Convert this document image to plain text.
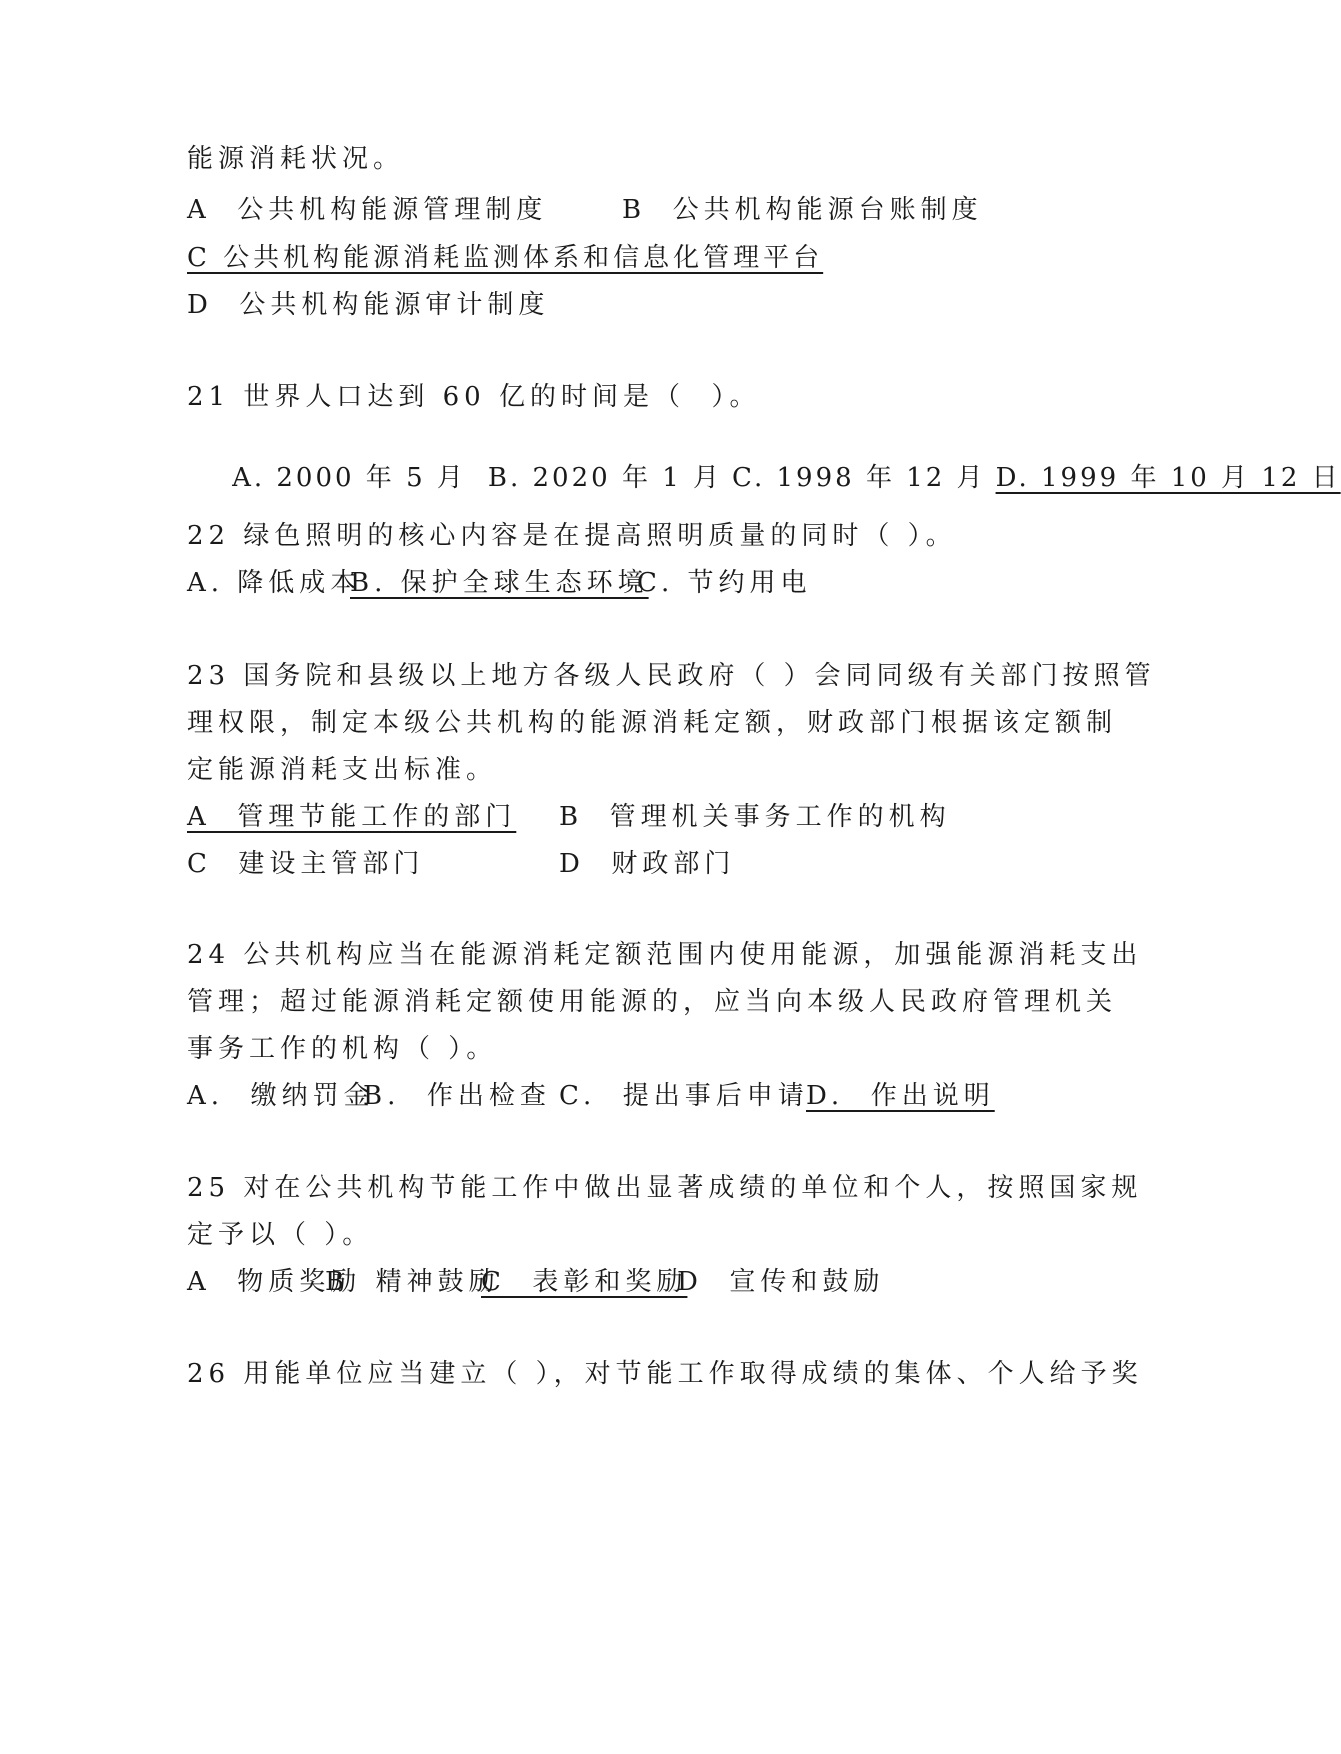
能源消耗状况。
A  公共机构能源管理制度	B  公共机构能源台账制度
C 公共机构能源消耗监测体系和信息化管理平台
D  公共机构能源审计制度
21 世界人口达到 60 亿的时间是（  ）。

A. 2000 年 5 月 B. 2020 年 1 月 C. 1998 年 12 月 D. 1999 年 10 月 12 日

22 绿色照明的核心内容是在提高照明质量的同时（ ）。
A. 降低成本
B. 保护全球生态环境
C. 节约用电
23 国务院和县级以上地方各级人民政府（ ）会同同级有关部门按照管
理权限，制定本级公共机构的能源消耗定额，财政部门根据该定额制
定能源消耗支出标准。
A  管理节能工作的部门 B  管理机关事务工作的机构
C  建设主管部门	D  财政部门
24 公共机构应当在能源消耗定额范围内使用能源，加强能源消耗支出
管理；超过能源消耗定额使用能源的，应当向本级人民政府管理机关
事务工作的机构（ ）。
A.  缴纳罚金
B.  作出检查 C.  提出事后申请
D.  作出说明
25 对在公共机构节能工作中做出显著成绩的单位和个人，按照国家规
定予以（ ）。
A  物质奖励
B  精神鼓励
C  表彰和奖励
D  宣传和鼓励
26 用能单位应当建立（ ），对节能工作取得成绩的集体、个人给予奖
